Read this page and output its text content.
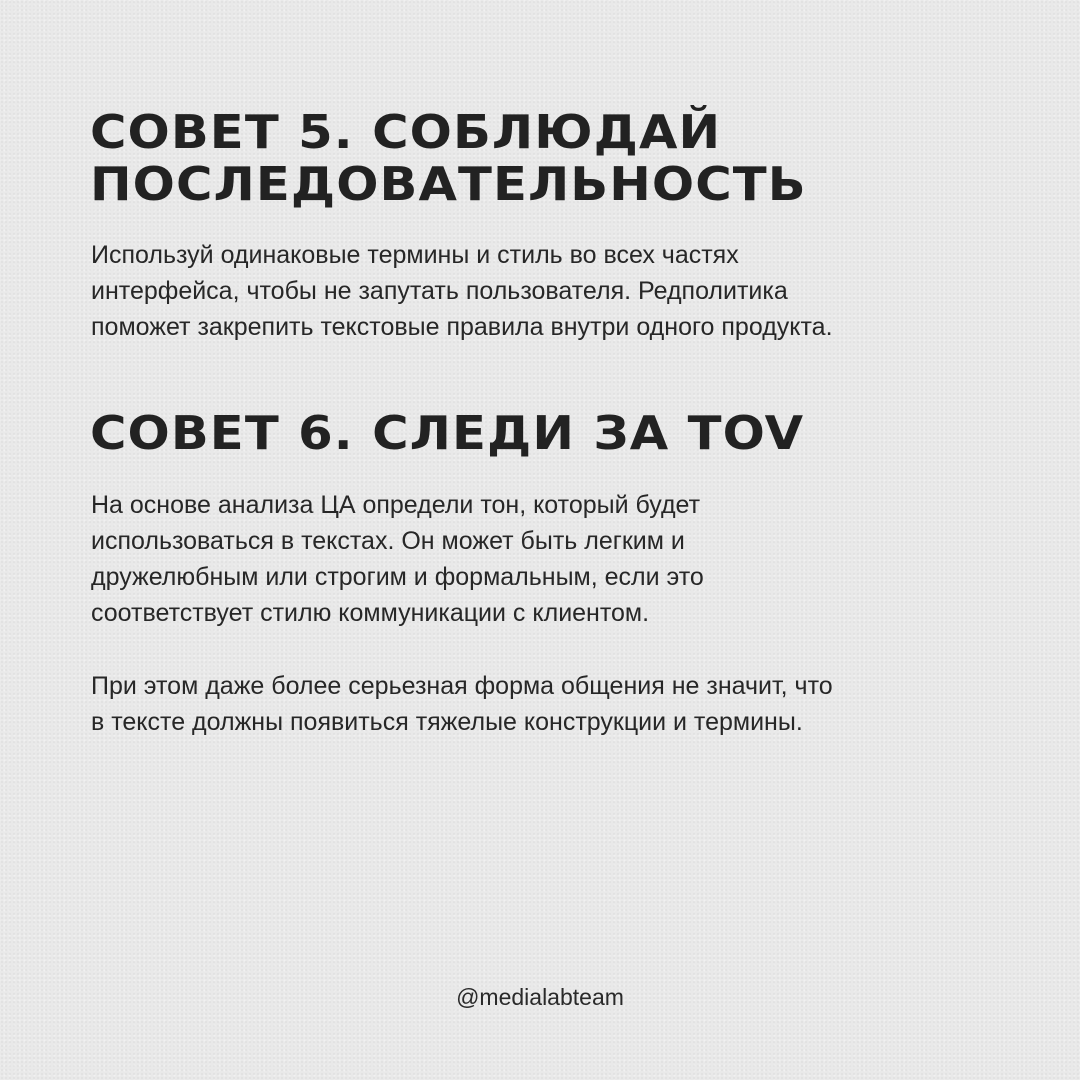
СОВЕТ 5. СОБЛЮДАЙ
ПОСЛЕДОВАТЕЛЬНОСТЬ

Используй одинаковые термины и стиль во всех частях
интерфейса, чтобы не запутать пользователя. Редполитика
поможет закрепить текстовые правила внутри одного продукта.

СОВЕТ 6. СЛЕДИ ЗА TOV

На основе анализа ЦА определи тон, который будет
использоваться в текстах. Он может быть легким и
дружелюбным или строгим и формальным, если это
соответствует стилю коммуникации с клиентом.

При этом даже более серьезная форма общения не значит, что
в тексте должны появиться тяжелые конструкции и термины.

@medialabteam
